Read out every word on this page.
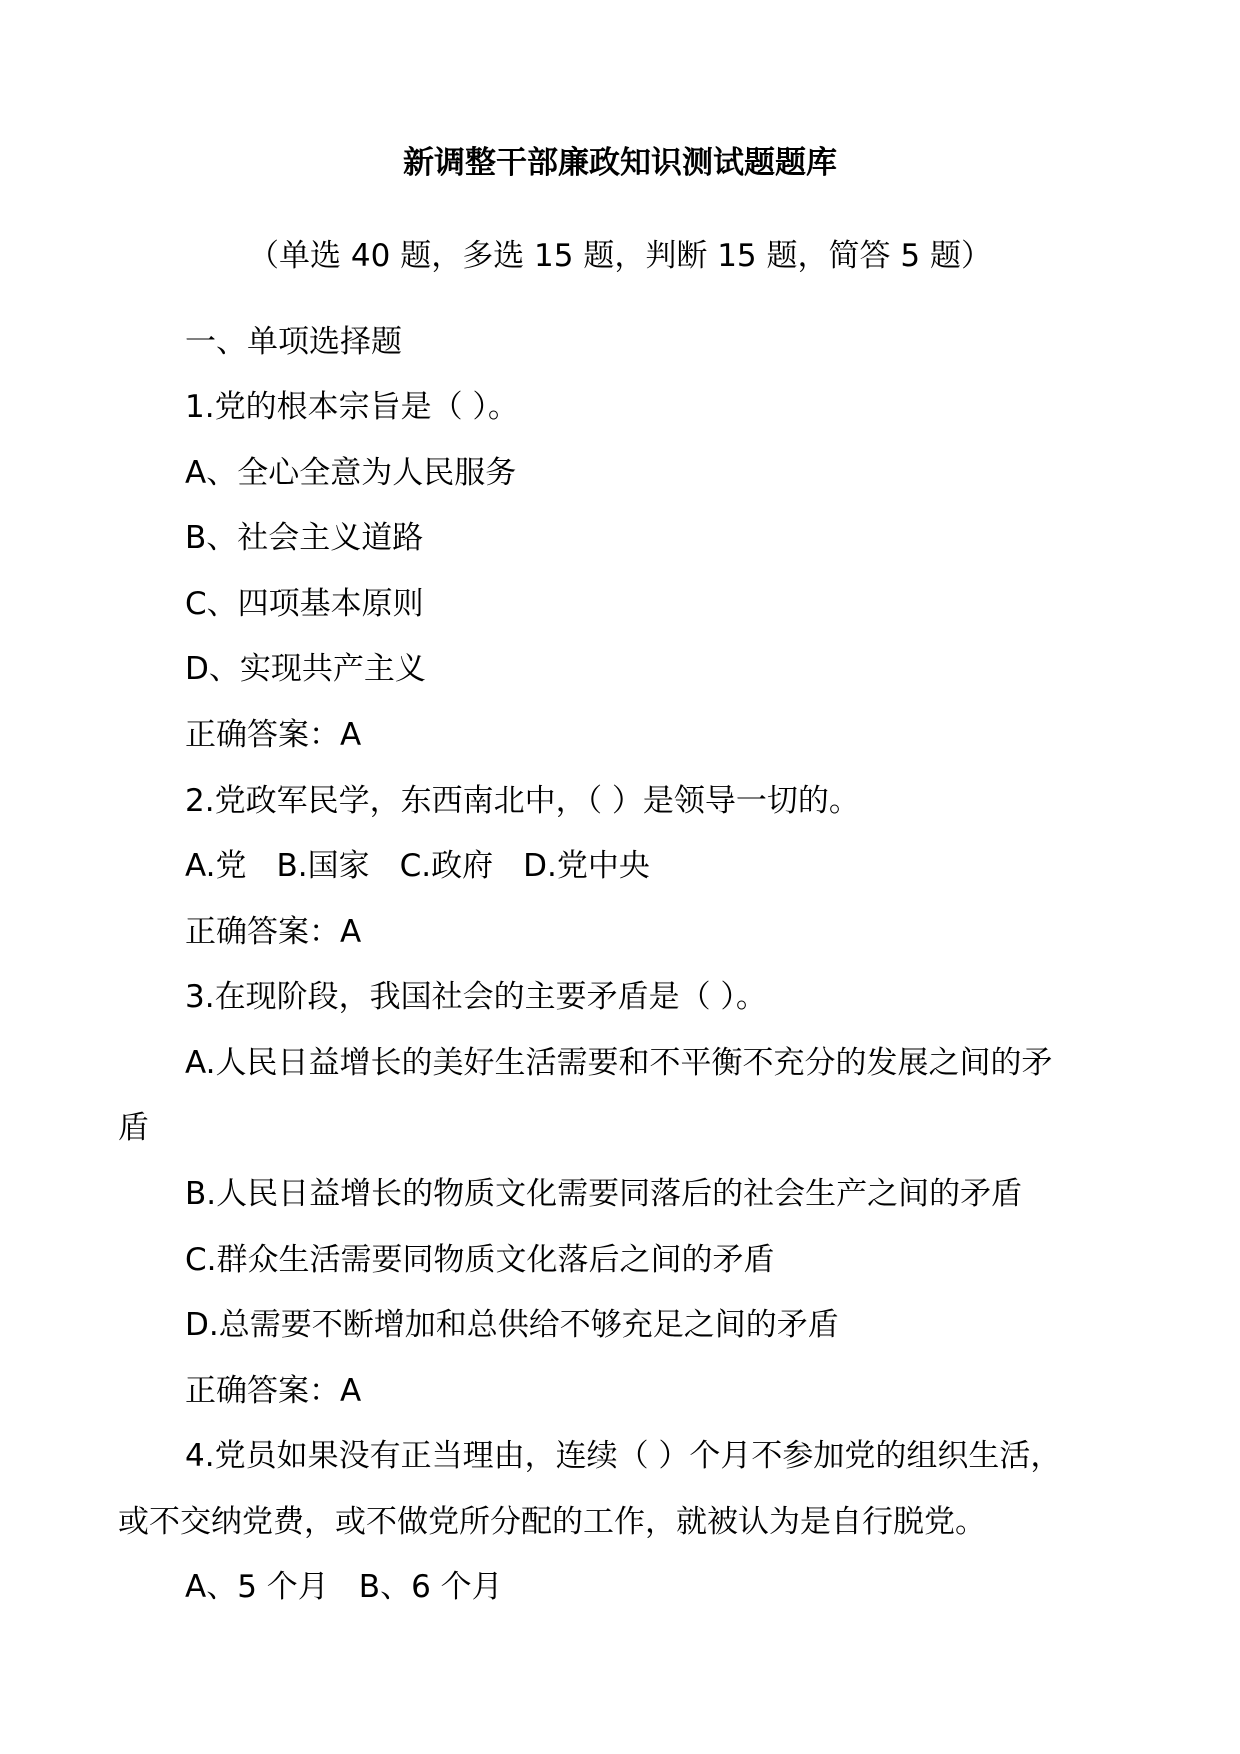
新调整干部廉政知识测试题题库
（单选 40 题，多选 15 题，判断 15 题，简答 5 题）
一、单项选择题
1.党的根本宗旨是（ ）。
A、全心全意为人民服务
B、社会主义道路
C、四项基本原则
D、实现共产主义
正确答案：A
2.党政军民学，东西南北中，（ ）是领导一切的。
A.党 B.国家 C.政府 D.党中央
正确答案：A
3.在现阶段，我国社会的主要矛盾是（ ）。
A.人民日益增长的美好生活需要和不平衡不充分的发展之间的矛
盾
B.人民日益增长的物质文化需要同落后的社会生产之间的矛盾
C.群众生活需要同物质文化落后之间的矛盾
D.总需要不断增加和总供给不够充足之间的矛盾
正确答案：A
4.党员如果没有正当理由，连续（ ）个月不参加党的组织生活，
或不交纳党费，或不做党所分配的工作，就被认为是自行脱党。
A、5 个月 B、6 个月
